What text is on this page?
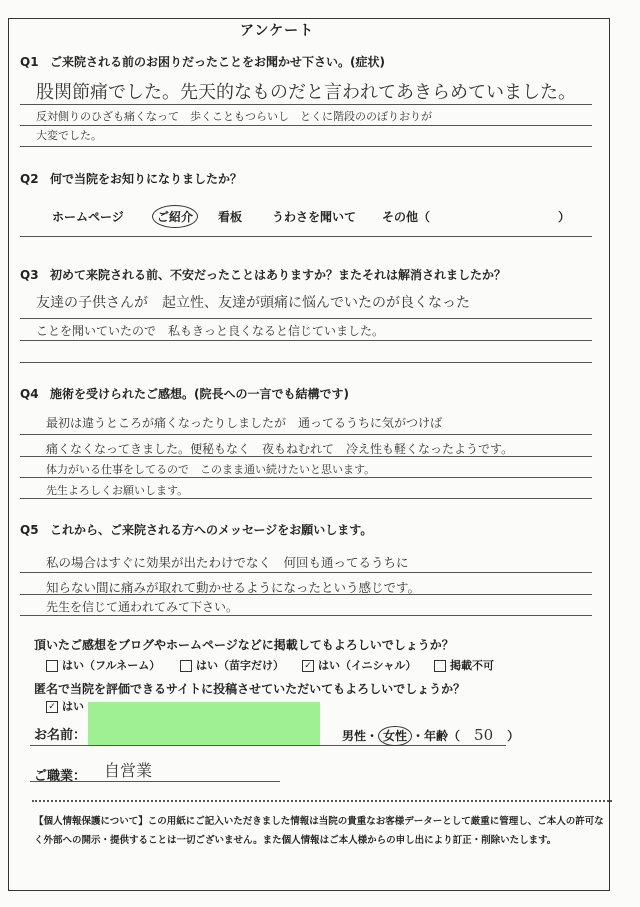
アンケート
Q1 ご来院される前のお困りだったことをお聞かせ下さい。(症状)
股関節痛でした。先天的なものだと言われてあきらめていました。
反対側りのひざも痛くなって　歩くこともつらいし　とくに階段ののぼりおりが
大変でした。
Q2 何で当院をお知りになりましたか？
ホームページ	ご紹介	看板 うわさを聞いて その他（	）
Q3 初めて来院される前、不安だったことはありますか？またそれは解消されましたか？
友達の子供さんが　起立性、友達が頭痛に悩んでいたのが良くなった
ことを聞いていたので　私もきっと良くなると信じていました。
Q4 施術を受けられたご感想。(院長への一言でも結構です)
最初は違うところが痛くなったりしましたが　通ってるうちに気がつけば
痛くなくなってきました。便秘もなく　夜もねむれて　冷え性も軽くなったようです。
体力がいる仕事をしてるので　このまま通い続けたいと思います。
先生よろしくお願いします。
Q5 これから、ご来院される方へのメッセージをお願いします。
私の場合はすぐに効果が出たわけでなく　何回も通ってるうちに
知らない間に痛みが取れて動かせるようになったという感じです。
先生を信じて通われてみて下さい。
頂いたご感想をブログやホームページなどに掲載してもよろしいでしょうか？
はい（フルネーム）	はい（苗字だけ） ✓ はい（イニシャル）	掲載不可
匿名で当院を評価できるサイトに投稿させていただいてもよろしいでしょうか？
✓ はい
お名前：	男性・ 女性 ・年齢（ 50 ）
ご職業： 自営業
【個人情報保護について】この用紙にご記入いただきました情報は当院の貴重なお客様データーとして厳重に管理し、ご本人の許可なく外部への開示・提供することは一切ございません。また個人情報はご本人様からの申し出により訂正・削除いたします。
